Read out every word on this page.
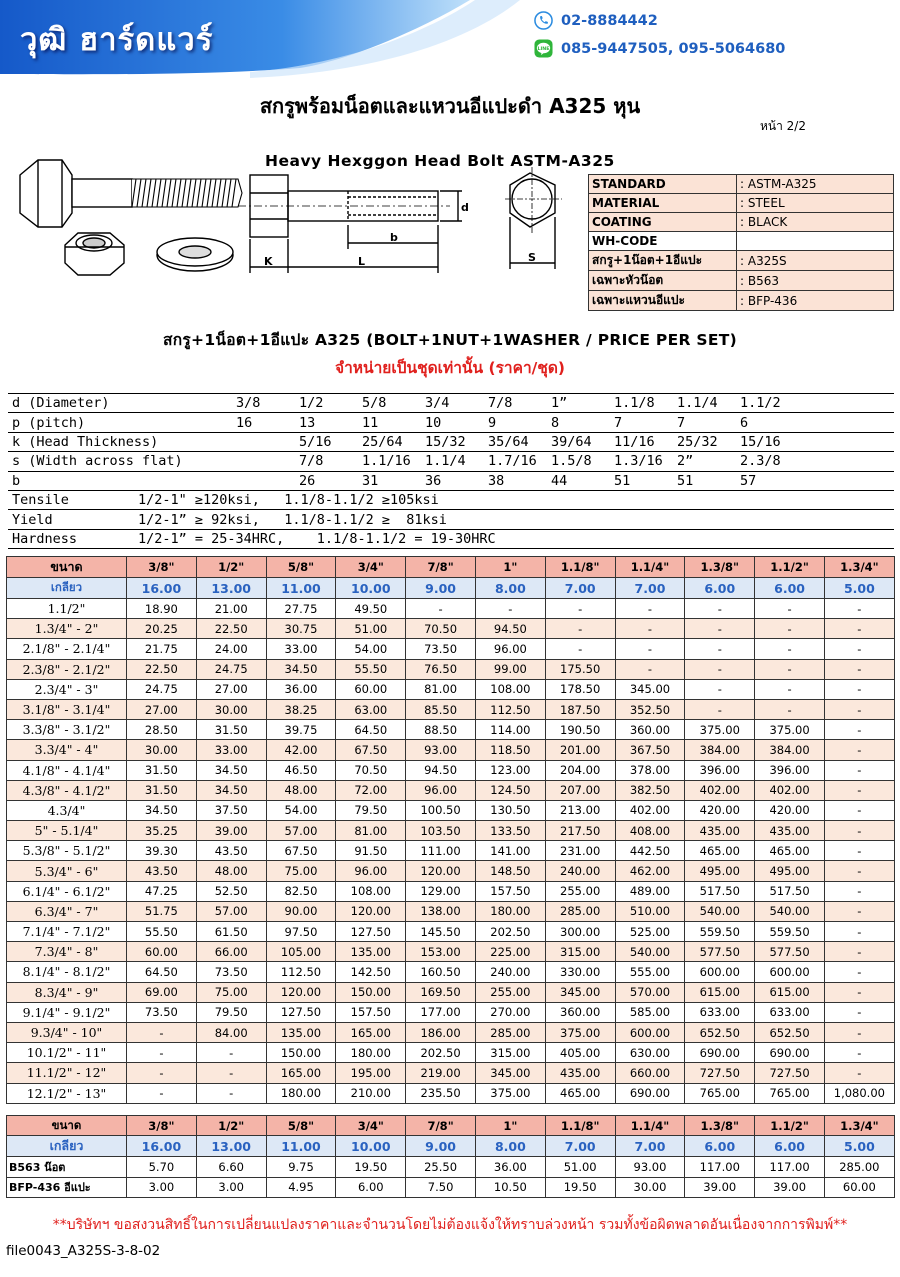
วุฒิ ฮาร์ดแวร์
02-8884442
LINE 085-9447505, 095-5064680
สกรูพร้อมน็อตและแหวนอีแปะดำ A325 หุน
หน้า 2/2
Heavy Hexggon Head Bolt ASTM-A325
b
K	L
d
S
STANDARD	: ASTM-A325
MATERIAL	: STEEL
COATING	: BLACK
WH-CODE	
สกรู+1น๊อต+1อีแปะ	: A325S
เฉพาะหัวน๊อต	: B563
เฉพาะแหวนอีแปะ	: BFP-436
สกรู+1น็อต+1อีแปะ A325 (BOLT+1NUT+1WASHER / PRICE PER SET)
จำหน่ายเป็นชุดเท่านั้น (ราคา/ชุด)
d (Diameter)	3/8	1/2	5/8	3/4	7/8	1”	1.1/8	1.1/4	1.1/2	
p (pitch)	16	13	11	10	9	8	7	7	6	
k (Head Thickness)		5/16	25/64	15/32	35/64	39/64	11/16	25/32	15/16	
s (Width across flat)		7/8	1.1/16	1.1/4	1.7/16	1.5/8	1.3/16	2”	2.3/8	
b		26	31	36	38	44	51	51	57	
Tensile 1/2-1" ≥120ksi,   1.1/8-1.1/2 ≥105ksi										
Yield 1/2-1” ≥ 92ksi,   1.1/8-1.1/2 ≥  81ksi										
Hardness 1/2-1” = 25-34HRC,    1.1/8-1.1/2 = 19-30HRC										
ขนาด	3/8"	1/2"	5/8"	3/4"	7/8"	1"	1.1/8"	1.1/4"	1.3/8"	1.1/2"	1.3/4"
เกลียว	16.00	13.00	11.00	10.00	9.00	8.00	7.00	7.00	6.00	6.00	5.00
1.1/2"	18.90	21.00	27.75	49.50	-	-	-	-	-	-	-
1.3/4" - 2"	20.25	22.50	30.75	51.00	70.50	94.50	-	-	-	-	-
2.1/8" - 2.1/4"	21.75	24.00	33.00	54.00	73.50	96.00	-	-	-	-	-
2.3/8" - 2.1/2"	22.50	24.75	34.50	55.50	76.50	99.00	175.50	-	-	-	-
2.3/4" - 3"	24.75	27.00	36.00	60.00	81.00	108.00	178.50	345.00	-	-	-
3.1/8" - 3.1/4"	27.00	30.00	38.25	63.00	85.50	112.50	187.50	352.50	-	-	-
3.3/8" - 3.1/2"	28.50	31.50	39.75	64.50	88.50	114.00	190.50	360.00	375.00	375.00	-
3.3/4" - 4"	30.00	33.00	42.00	67.50	93.00	118.50	201.00	367.50	384.00	384.00	-
4.1/8" - 4.1/4"	31.50	34.50	46.50	70.50	94.50	123.00	204.00	378.00	396.00	396.00	-
4.3/8" - 4.1/2"	31.50	34.50	48.00	72.00	96.00	124.50	207.00	382.50	402.00	402.00	-
4.3/4"	34.50	37.50	54.00	79.50	100.50	130.50	213.00	402.00	420.00	420.00	-
5" - 5.1/4"	35.25	39.00	57.00	81.00	103.50	133.50	217.50	408.00	435.00	435.00	-
5.3/8" - 5.1/2"	39.30	43.50	67.50	91.50	111.00	141.00	231.00	442.50	465.00	465.00	-
5.3/4" - 6"	43.50	48.00	75.00	96.00	120.00	148.50	240.00	462.00	495.00	495.00	-
6.1/4" - 6.1/2"	47.25	52.50	82.50	108.00	129.00	157.50	255.00	489.00	517.50	517.50	-
6.3/4" - 7"	51.75	57.00	90.00	120.00	138.00	180.00	285.00	510.00	540.00	540.00	-
7.1/4" - 7.1/2"	55.50	61.50	97.50	127.50	145.50	202.50	300.00	525.00	559.50	559.50	-
7.3/4" - 8"	60.00	66.00	105.00	135.00	153.00	225.00	315.00	540.00	577.50	577.50	-
8.1/4" - 8.1/2"	64.50	73.50	112.50	142.50	160.50	240.00	330.00	555.00	600.00	600.00	-
8.3/4" - 9"	69.00	75.00	120.00	150.00	169.50	255.00	345.00	570.00	615.00	615.00	-
9.1/4" - 9.1/2"	73.50	79.50	127.50	157.50	177.00	270.00	360.00	585.00	633.00	633.00	-
9.3/4" - 10"	-	84.00	135.00	165.00	186.00	285.00	375.00	600.00	652.50	652.50	-
10.1/2" - 11"	-	-	150.00	180.00	202.50	315.00	405.00	630.00	690.00	690.00	-
11.1/2" - 12"	-	-	165.00	195.00	219.00	345.00	435.00	660.00	727.50	727.50	-
12.1/2" - 13"	-	-	180.00	210.00	235.50	375.00	465.00	690.00	765.00	765.00	1,080.00
ขนาด	3/8"	1/2"	5/8"	3/4"	7/8"	1"	1.1/8"	1.1/4"	1.3/8"	1.1/2"	1.3/4"
เกลียว	16.00	13.00	11.00	10.00	9.00	8.00	7.00	7.00	6.00	6.00	5.00
B563 น๊อต	5.70	6.60	9.75	19.50	25.50	36.00	51.00	93.00	117.00	117.00	285.00
BFP-436 อีแปะ	3.00	3.00	4.95	6.00	7.50	10.50	19.50	30.00	39.00	39.00	60.00
**บริษัทฯ ขอสงวนสิทธิ์ในการเปลี่ยนแปลงราคาและจำนวนโดยไม่ต้องแจ้งให้ทราบล่วงหน้า รวมทั้งข้อผิดพลาดอันเนื่องจากการพิมพ์**
file0043_A325S-3-8-02
